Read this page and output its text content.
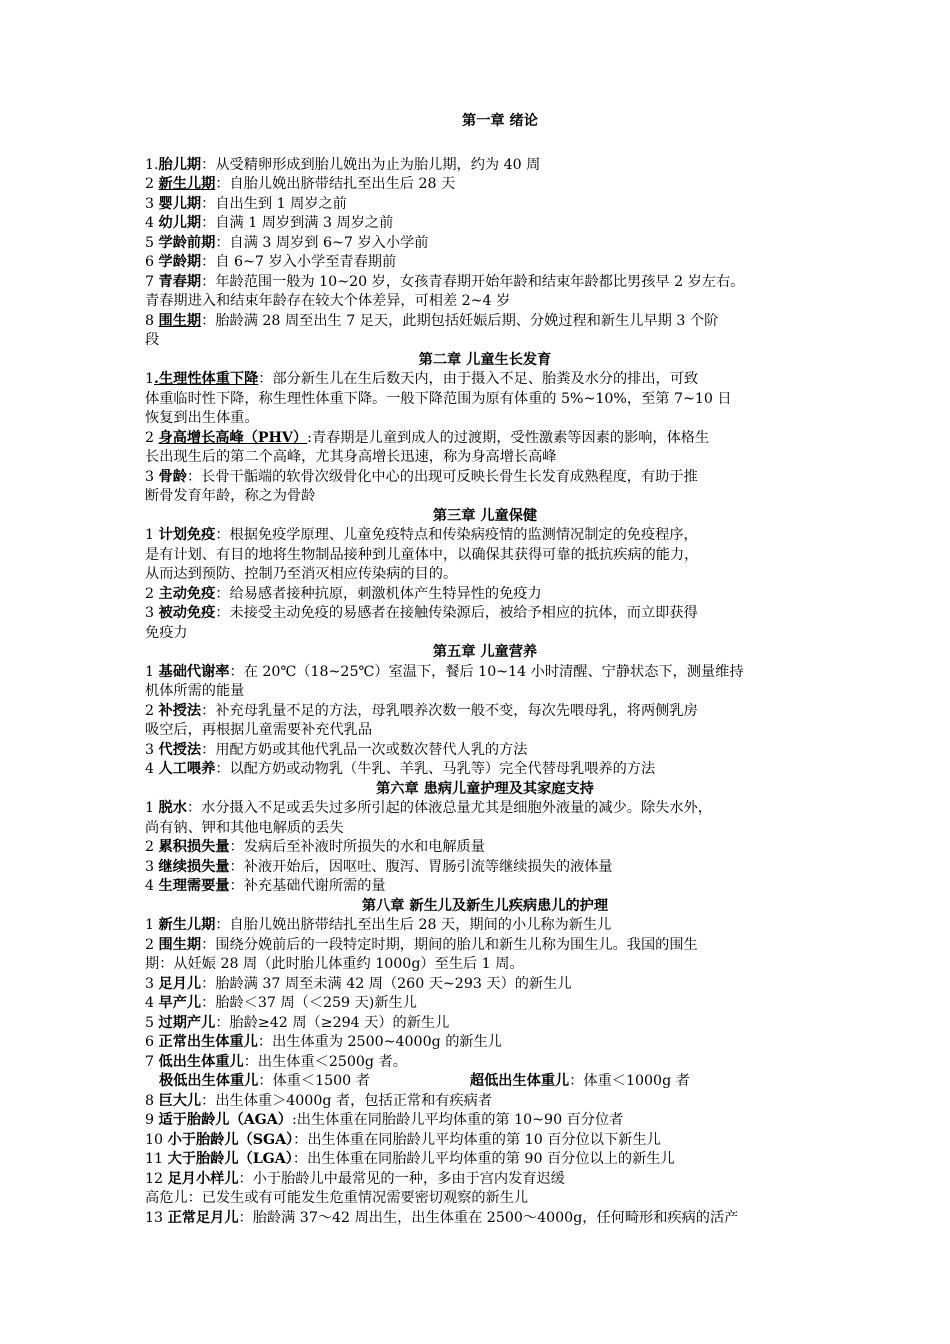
第一章 绪论
1.胎儿期：从受精卵形成到胎儿娩出为止为胎儿期，约为 40 周
2 新生儿期：自胎儿娩出脐带结扎至出生后 28 天
3 婴儿期：自出生到 1 周岁之前
4 幼儿期：自满 1 周岁到满 3 周岁之前
5 学龄前期：自满 3 周岁到 6~7 岁入小学前
6 学龄期：自 6~7 岁入小学至青春期前
7 青春期：年龄范围一般为 10~20 岁，女孩青春期开始年龄和结束年龄都比男孩早 2 岁左右。
青春期进入和结束年龄存在较大个体差异，可相差 2~4 岁
8 围生期：胎龄满 28 周至出生 7 足天，此期包括妊娠后期、分娩过程和新生儿早期 3 个阶
段
第二章 儿童生长发育
1.生理性体重下降：部分新生儿在生后数天内，由于摄入不足、胎粪及水分的排出，可致
体重临时性下降，称生理性体重下降。一般下降范围为原有体重的 5%~10%，至第 7~10 日
恢复到出生体重。
2 身高增长高峰（PHV）:青春期是儿童到成人的过渡期，受性激素等因素的影响，体格生
长出现生后的第二个高峰，尤其身高增长迅速，称为身高增长高峰
3 骨龄：长骨干骺端的软骨次级骨化中心的出现可反映长骨生长发育成熟程度，有助于推
断骨发育年龄，称之为骨龄
第三章 儿童保健
1 计划免疫：根据免疫学原理、儿童免疫特点和传染病疫情的监测情况制定的免疫程序，
是有计划、有目的地将生物制品接种到儿童体中，以确保其获得可靠的抵抗疾病的能力，
从而达到预防、控制乃至消灭相应传染病的目的。
2 主动免疫：给易感者接种抗原，刺激机体产生特异性的免疫力
3 被动免疫：未接受主动免疫的易感者在接触传染源后，被给予相应的抗体，而立即获得
免疫力
第五章 儿童营养
1 基础代谢率：在 20℃（18~25℃）室温下，餐后 10~14 小时清醒、宁静状态下，测量维持
机体所需的能量
2 补授法：补充母乳量不足的方法，母乳喂养次数一般不变，每次先喂母乳，将两侧乳房
吸空后，再根据儿童需要补充代乳品
3 代授法：用配方奶或其他代乳品一次或数次替代人乳的方法
4 人工喂养：以配方奶或动物乳（牛乳、羊乳、马乳等）完全代替母乳喂养的方法
第六章 患病儿童护理及其家庭支持
1 脱水：水分摄入不足或丢失过多所引起的体液总量尤其是细胞外液量的减少。除失水外，
尚有钠、钾和其他电解质的丢失
2 累积损失量：发病后至补液时所损失的水和电解质量
3 继续损失量：补液开始后，因呕吐、腹泻、胃肠引流等继续损失的液体量
4 生理需要量：补充基础代谢所需的量
第八章 新生儿及新生儿疾病患儿的护理
1 新生儿期：自胎儿娩出脐带结扎至出生后 28 天，期间的小儿称为新生儿
2 围生期：围绕分娩前后的一段特定时期，期间的胎儿和新生儿称为围生儿。我国的围生
期：从妊娠 28 周（此时胎儿体重约 1000g）至生后 1 周。
3 足月儿：胎龄满 37 周至未满 42 周（260 天~293 天）的新生儿
4 早产儿：胎龄＜37 周（＜259 天)新生儿
5 过期产儿：胎龄≥42 周（≥294 天）的新生儿
6 正常出生体重儿：出生体重为 2500~4000g 的新生儿
7 低出生体重儿：出生体重＜2500g 者。
极低出生体重儿：体重＜1500 者	超低出生体重儿：体重＜1000g 者
8 巨大儿：出生体重＞4000g 者，包括正常和有疾病者
9 适于胎龄儿（AGA）:出生体重在同胎龄儿平均体重的第 10~90 百分位者
10 小于胎龄儿（SGA）：出生体重在同胎龄儿平均体重的第 10 百分位以下新生儿
11 大于胎龄儿（LGA）：出生体重在同胎龄儿平均体重的第 90 百分位以上的新生儿
12 足月小样儿：小于胎龄儿中最常见的一种，多由于宫内发育迟缓
高危儿：已发生或有可能发生危重情况需要密切观察的新生儿
13 正常足月儿：胎龄满 37～42 周出生，出生体重在 2500～4000g，任何畸形和疾病的活产
